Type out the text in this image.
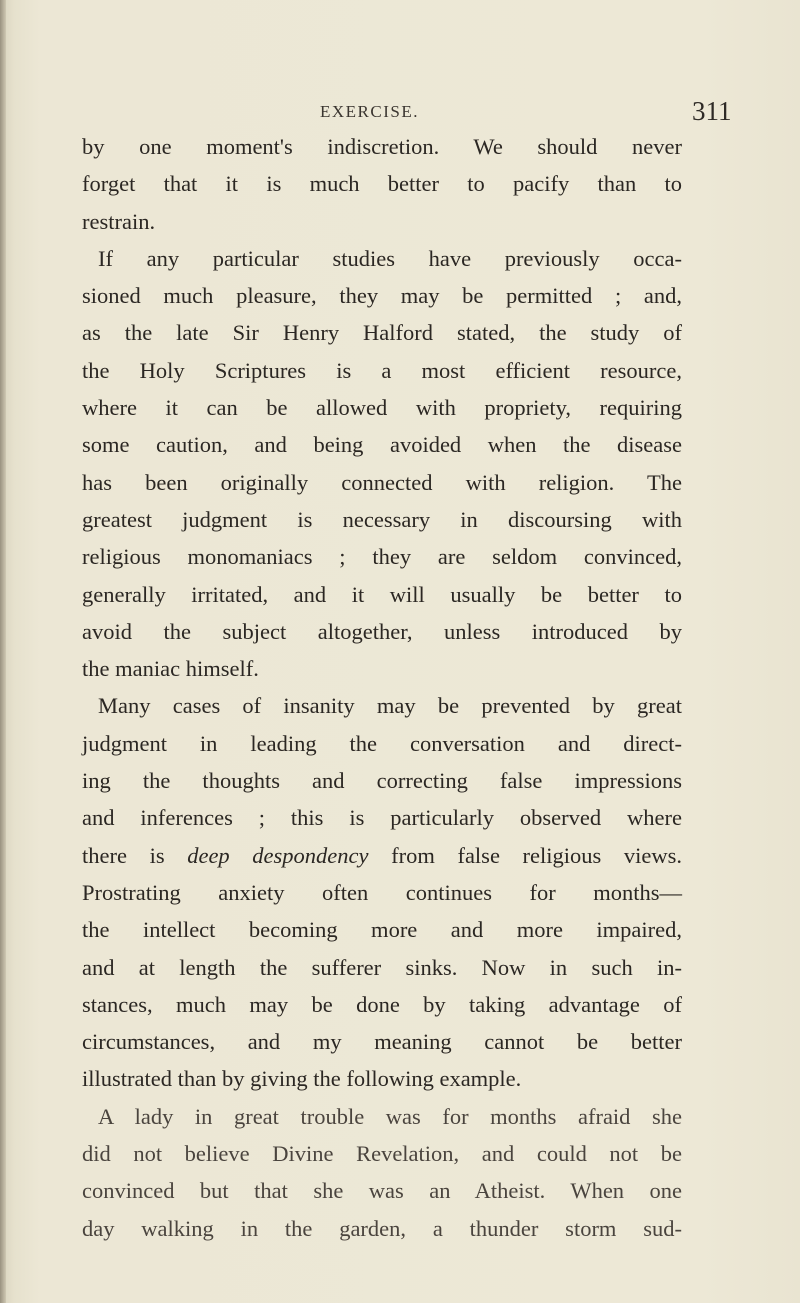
EXERCISE.	311
by one moment's indiscretion. We should never
forget that it is much better to pacify than to
restrain.
If any particular studies have previously occa-
sioned much pleasure, they may be permitted ; and,
as the late Sir Henry Halford stated, the study of
the Holy Scriptures is a most efficient resource,
where it can be allowed with propriety, requiring
some caution, and being avoided when the disease
has been originally connected with religion. The
greatest judgment is necessary in discoursing with
religious monomaniacs ; they are seldom convinced,
generally irritated, and it will usually be better to
avoid the subject altogether, unless introduced by
the maniac himself.
Many cases of insanity may be prevented by great
judgment in leading the conversation and direct-
ing the thoughts and correcting false impressions
and inferences ; this is particularly observed where
there is deep despondency from false religious views.
Prostrating anxiety often continues for months—
the intellect becoming more and more impaired,
and at length the sufferer sinks. Now in such in-
stances, much may be done by taking advantage of
circumstances, and my meaning cannot be better
illustrated than by giving the following example.
A lady in great trouble was for months afraid she
did not believe Divine Revelation, and could not be
convinced but that she was an Atheist. When one
day walking in the garden, a thunder storm sud-
